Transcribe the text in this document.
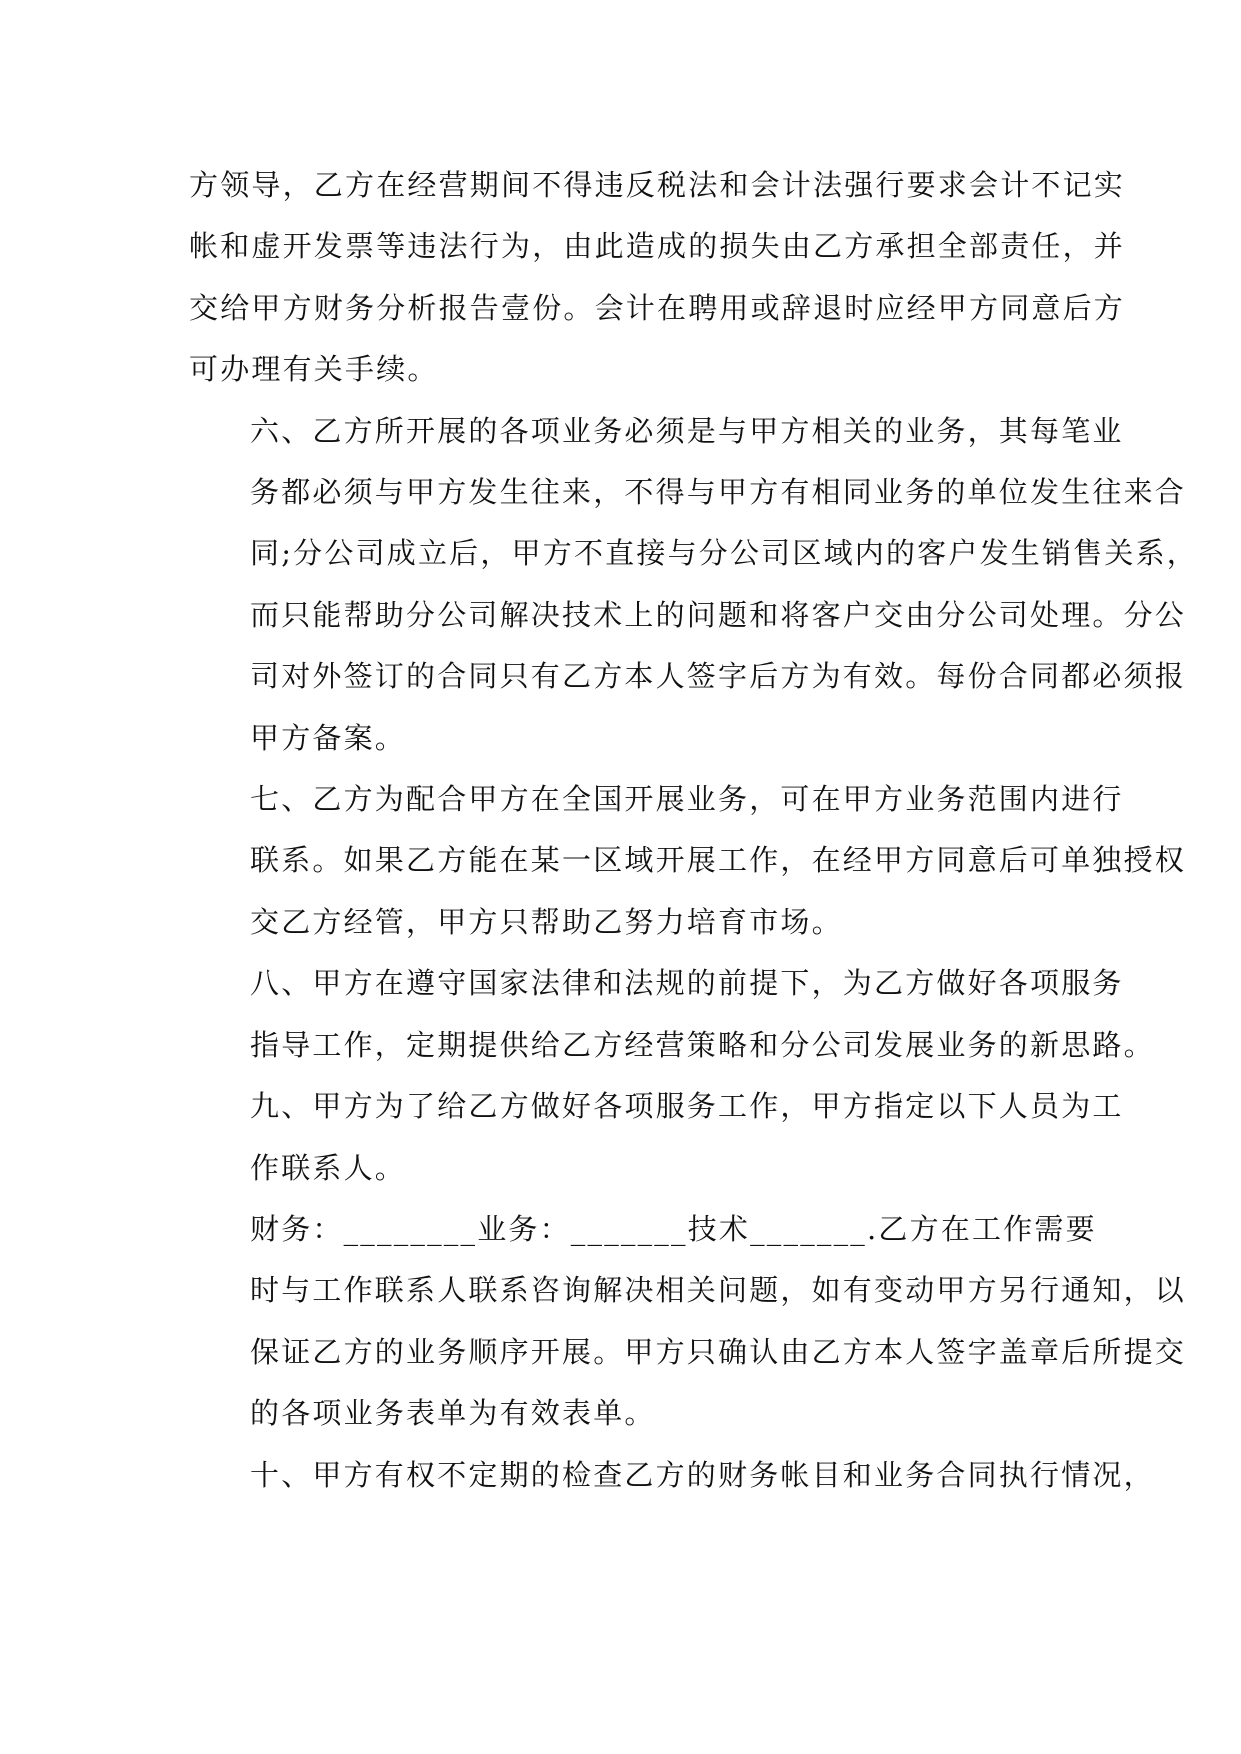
方领导，乙方在经营期间不得违反税法和会计法强行要求会计不记实
帐和虚开发票等违法行为，由此造成的损失由乙方承担全部责任，并
交给甲方财务分析报告壹份。会计在聘用或辞退时应经甲方同意后方
可办理有关手续。

六、乙方所开展的各项业务必须是与甲方相关的业务，其每笔业
务都必须与甲方发生往来，不得与甲方有相同业务的单位发生往来合
同;分公司成立后，甲方不直接与分公司区域内的客户发生销售关系，
而只能帮助分公司解决技术上的问题和将客户交由分公司处理。分公
司对外签订的合同只有乙方本人签字后方为有效。每份合同都必须报
甲方备案。

七、乙方为配合甲方在全国开展业务，可在甲方业务范围内进行
联系。如果乙方能在某一区域开展工作，在经甲方同意后可单独授权
交乙方经管，甲方只帮助乙努力培育市场。

八、甲方在遵守国家法律和法规的前提下，为乙方做好各项服务
指导工作，定期提供给乙方经营策略和分公司发展业务的新思路。

九、甲方为了给乙方做好各项服务工作，甲方指定以下人员为工
作联系人。

财务：________业务：_______技术_______.乙方在工作需要
时与工作联系人联系咨询解决相关问题，如有变动甲方另行通知，以
保证乙方的业务顺序开展。甲方只确认由乙方本人签字盖章后所提交
的各项业务表单为有效表单。

十、甲方有权不定期的检查乙方的财务帐目和业务合同执行情况，
